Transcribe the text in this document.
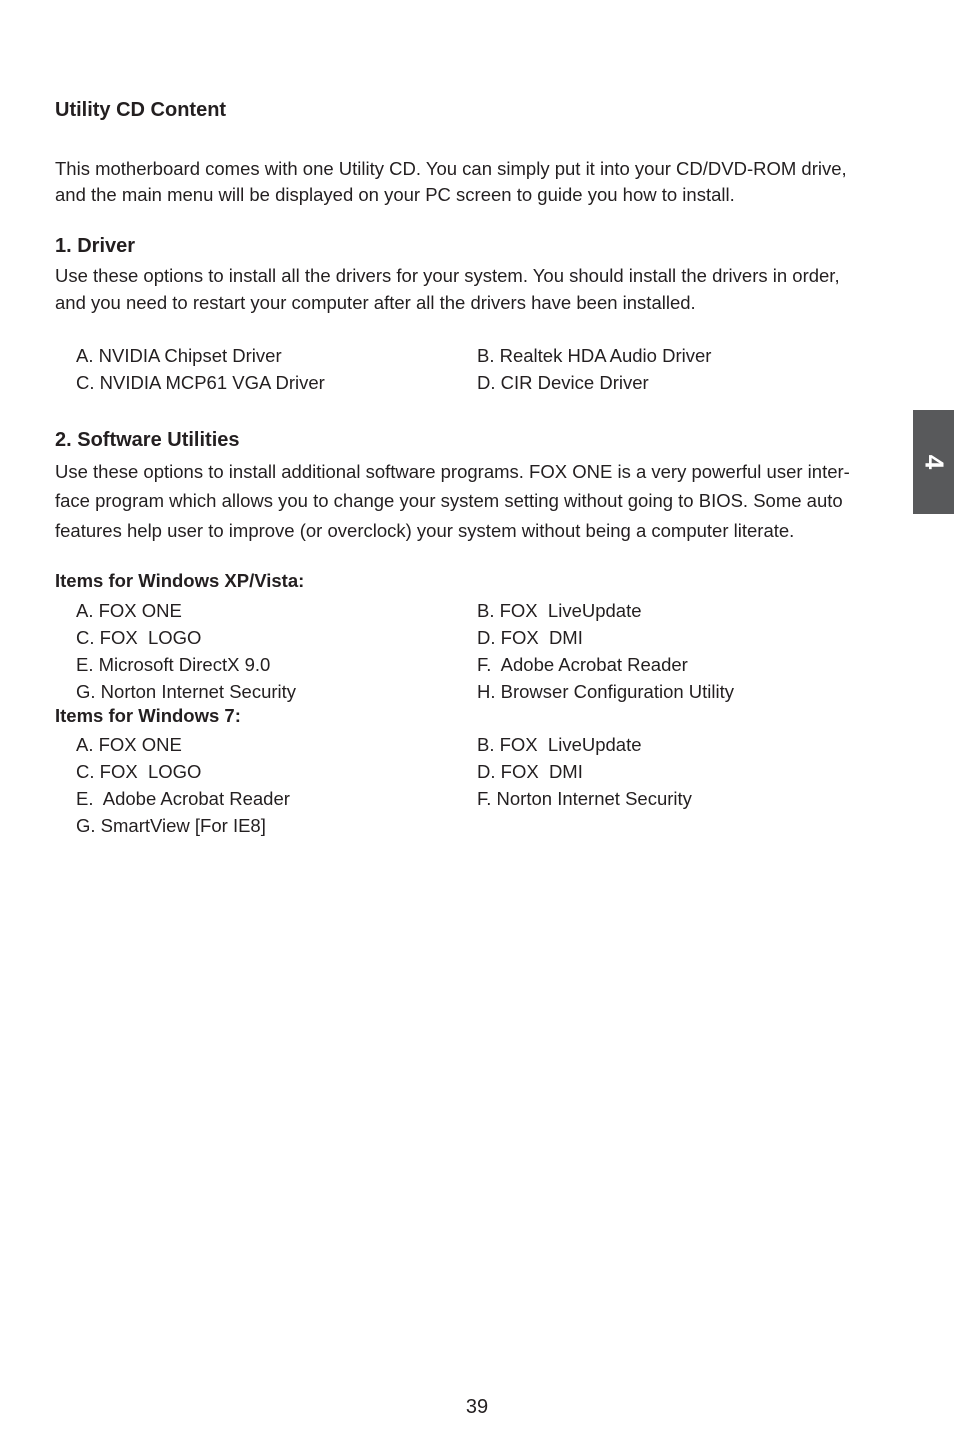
Utility CD Content

This motherboard comes with one Utility CD. You can simply put it into your CD/DVD-ROM drive,

and the main menu will be displayed on your PC screen to guide you how to install.

1. Driver

Use these options to install all the drivers for your system. You should install the drivers in order,

and you need to restart your computer after all the drivers have been installed.

A. NVIDIA Chipset Driver	B. Realtek HDA Audio Driver

C. NVIDIA MCP61 VGA Driver	D. CIR Device Driver

2. Software Utilities

Use these options to install additional software programs. FOX ONE is a very powerful user inter-

face program which allows you to change your system setting without going to BIOS. Some auto

features help user to improve (or overclock) your system without being a computer literate.

Items for Windows XP/Vista:

A. FOX ONE	B. FOX  LiveUpdate

C. FOX  LOGO	D. FOX  DMI

E. Microsoft DirectX 9.0	F.  Adobe Acrobat Reader

G. Norton Internet Security	H. Browser Configuration Utility

Items for Windows 7:

A. FOX ONE	B. FOX  LiveUpdate

C. FOX  LOGO	D. FOX  DMI

E.  Adobe Acrobat Reader	F. Norton Internet Security

G. SmartView [For IE8]

4

39
